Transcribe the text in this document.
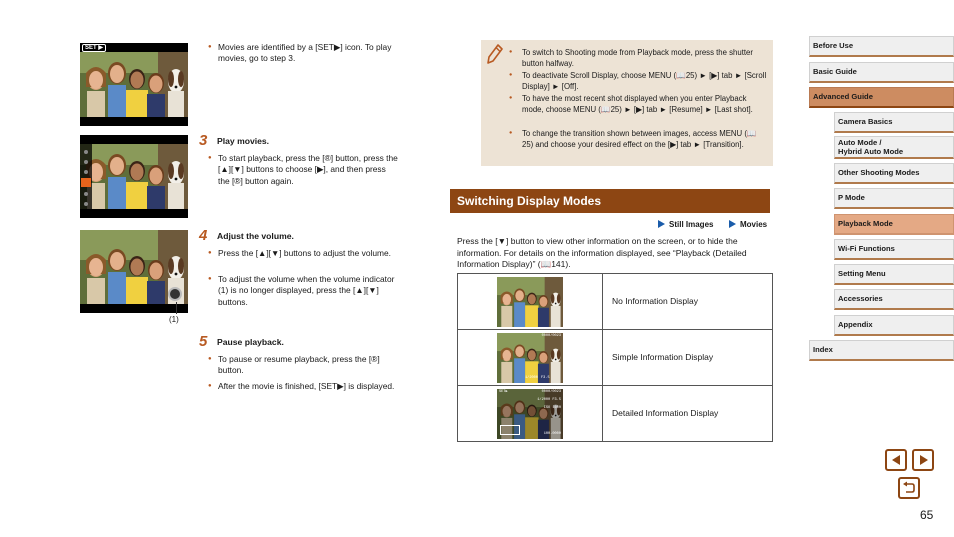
SET ▶	● Movies are identified by a [SET▶] icon. To play movies, go to step 3.
3 Play movies.
● To start playback, press the [®] button, press the [▲][▼] buttons to choose [▶], and then press the [®] button again.
(1)
4 Adjust the volume.
● Press the [▲][▼] buttons to adjust the volume.
● To adjust the volume when the volume indicator (1) is no longer displayed, press the [▲][▼] buttons.
5 Pause playback.
● To pause or resume playback, press the [®] button.
● After the movie is finished, [SET▶] is displayed.
● To switch to Shooting mode from Playback mode, press the shutter button halfway.
● To deactivate Scroll Display, choose MENU (📖25) ► [▶] tab ► [Scroll Display] ► [Off].
● To have the most recent shot displayed when you enter Playback mode, choose MENU (📖25) ► [▶] tab ► [Resume] ► [Last shot].
● To change the transition shown between images, access MENU (📖25) and choose your desired effect on the [▶] tab ► [Transition].
Switching Display Modes
Still Images	Movies
Press the [▼] button to view other information on the screen, or to hide the information. For details on the information displayed, see “Playback (Detailed Information Display)” (📖141).
	No Information Display

0000/0023
1/2000 F3.5	Simple Information Display

SET▶ 0000/0023
1/2000 F3.5
ISO 1600
100-0000	Detailed Information Display
Before Use
Basic Guide
Advanced Guide
Camera Basics
Auto Mode /
Hybrid Auto Mode
Other Shooting Modes
P Mode
Playback Mode
Wi-Fi Functions
Setting Menu
Accessories
Appendix
Index
65
